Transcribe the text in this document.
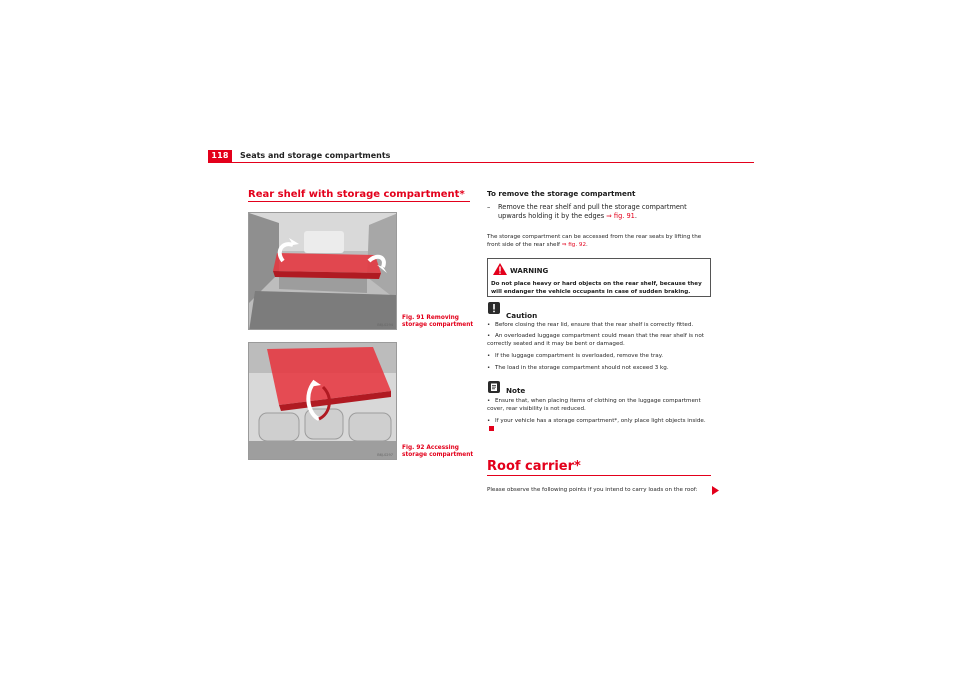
118	Seats and storage compartments
Rear shelf with storage compartment*
B6J-0294
Fig. 91 Removing storage compartment
B6J-0297
Fig. 92 Accessing storage compartment
To remove the storage compartment
– Remove the rear shelf and pull the storage compartment
upwards holding it by the edges ⇒ fig. 91.
The storage compartment can be accessed from the rear seats by lifting the
front side of the rear shelf ⇒ fig. 92.
WARNING
Do not place heavy or hard objects on the rear shelf, because they will endanger the vehicle occupants in case of sudden braking.
Caution
• Before closing the rear lid, ensure that the rear shelf is correctly fitted.
• An overloaded luggage compartment could mean that the rear shelf is not correctly seated and it may be bent or damaged.
• If the luggage compartment is overloaded, remove the tray.
• The load in the storage compartment should not exceed 3 kg.
Note
• Ensure that, when placing items of clothing on the luggage compartment cover, rear visibility is not reduced.
• If your vehicle has a storage compartment*, only place light objects inside.
Roof carrier*
Please observe the following points if you intend to carry loads on the roof:
